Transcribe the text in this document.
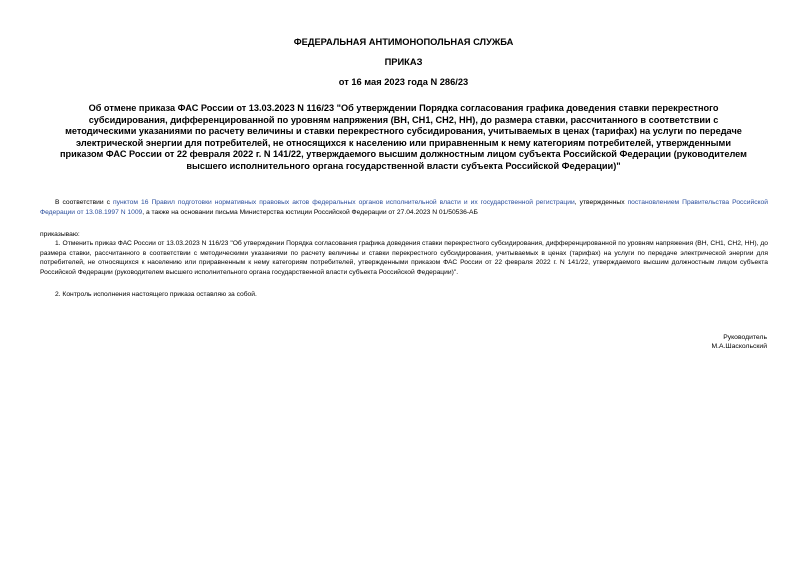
ФЕДЕРАЛЬНАЯ АНТИМОНОПОЛЬНАЯ СЛУЖБА
ПРИКАЗ
от 16 мая 2023 года N 286/23
Об отмене приказа ФАС России от 13.03.2023 N 116/23 "Об утверждении Порядка согласования графика доведения ставки перекрестного субсидирования, дифференцированной по уровням напряжения (ВН, СН1, СН2, НН), до размера ставки, рассчитанного в соответствии с методическими указаниями по расчету величины и ставки перекрестного субсидирования, учитываемых в ценах (тарифах) на услуги по передаче электрической энергии для потребителей, не относящихся к населению или приравненным к нему категориям потребителей, утвержденными приказом ФАС России от 22 февраля 2022 г. N 141/22, утверждаемого высшим должностным лицом субъекта Российской Федерации (руководителем высшего исполнительного органа государственной власти субъекта Российской Федерации)"
В соответствии с пунктом 16 Правил подготовки нормативных правовых актов федеральных органов исполнительной власти и их государственной регистрации, утвержденных постановлением Правительства Российской Федерации от 13.08.1997 N 1009, а также на основании письма Министерства юстиции Российской Федерации от 27.04.2023 N 01/50536-АБ
приказываю:
1. Отменить приказ ФАС России от 13.03.2023 N 116/23 "Об утверждении Порядка согласования графика доведения ставки перекрестного субсидирования, дифференцированной по уровням напряжения (ВН, СН1, СН2, НН), до размера ставки, рассчитанного в соответствии с методическими указаниями по расчету величины и ставки перекрестного субсидирования, учитываемых в ценах (тарифах) на услуги по передаче электрической энергии для потребителей, не относящихся к населению или приравненным к нему категориям потребителей, утвержденными приказом ФАС России от 22 февраля 2022 г. N 141/22, утверждаемого высшим должностным лицом субъекта Российской Федерации (руководителем высшего исполнительного органа государственной власти субъекта Российской Федерации)".
2. Контроль исполнения настоящего приказа оставляю за собой.
Руководитель
М.А.Шаскольский
